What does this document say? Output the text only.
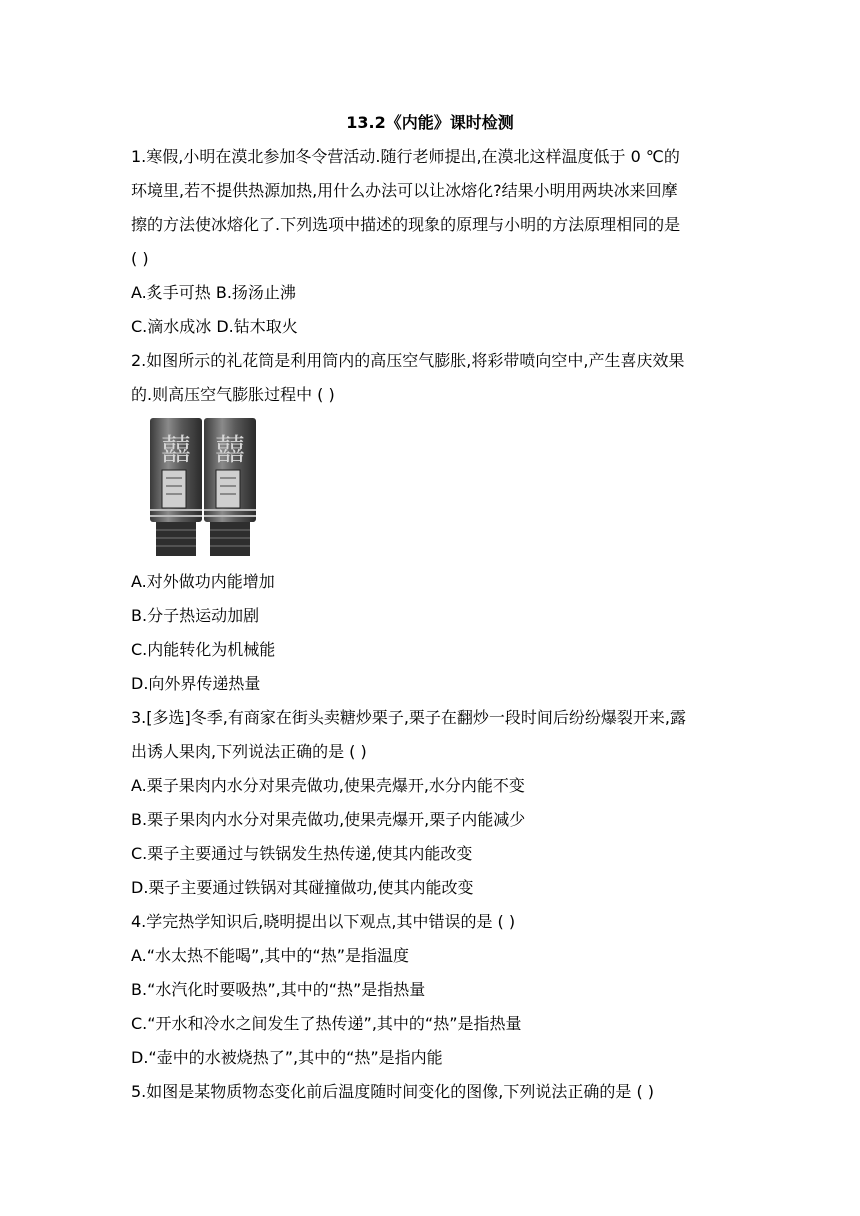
13.2《内能》课时检测
1.寒假,小明在漠北参加冬令营活动.随行老师提出,在漠北这样温度低于 0 ℃的
环境里,若不提供热源加热,用什么办法可以让冰熔化?结果小明用两块冰来回摩
擦的方法使冰熔化了.下列选项中描述的现象的原理与小明的方法原理相同的是
( )
A.炙手可热 B.扬汤止沸
C.滴水成冰 D.钻木取火
2.如图所示的礼花筒是利用筒内的高压空气膨胀,将彩带喷向空中,产生喜庆效果
的.则高压空气膨胀过程中 ( )
囍 囍
A.对外做功内能增加
B.分子热运动加剧
C.内能转化为机械能
D.向外界传递热量
3.[多选]冬季,有商家在街头卖糖炒栗子,栗子在翻炒一段时间后纷纷爆裂开来,露
出诱人果肉,下列说法正确的是 ( )
A.栗子果肉内水分对果壳做功,使果壳爆开,水分内能不变
B.栗子果肉内水分对果壳做功,使果壳爆开,栗子内能减少
C.栗子主要通过与铁锅发生热传递,使其内能改变
D.栗子主要通过铁锅对其碰撞做功,使其内能改变
4.学完热学知识后,晓明提出以下观点,其中错误的是 ( )
A.“水太热不能喝”,其中的“热”是指温度
B.“水汽化时要吸热”,其中的“热”是指热量
C.“开水和冷水之间发生了热传递”,其中的“热”是指热量
D.“壶中的水被烧热了”,其中的“热”是指内能
5.如图是某物质物态变化前后温度随时间变化的图像,下列说法正确的是 ( )
